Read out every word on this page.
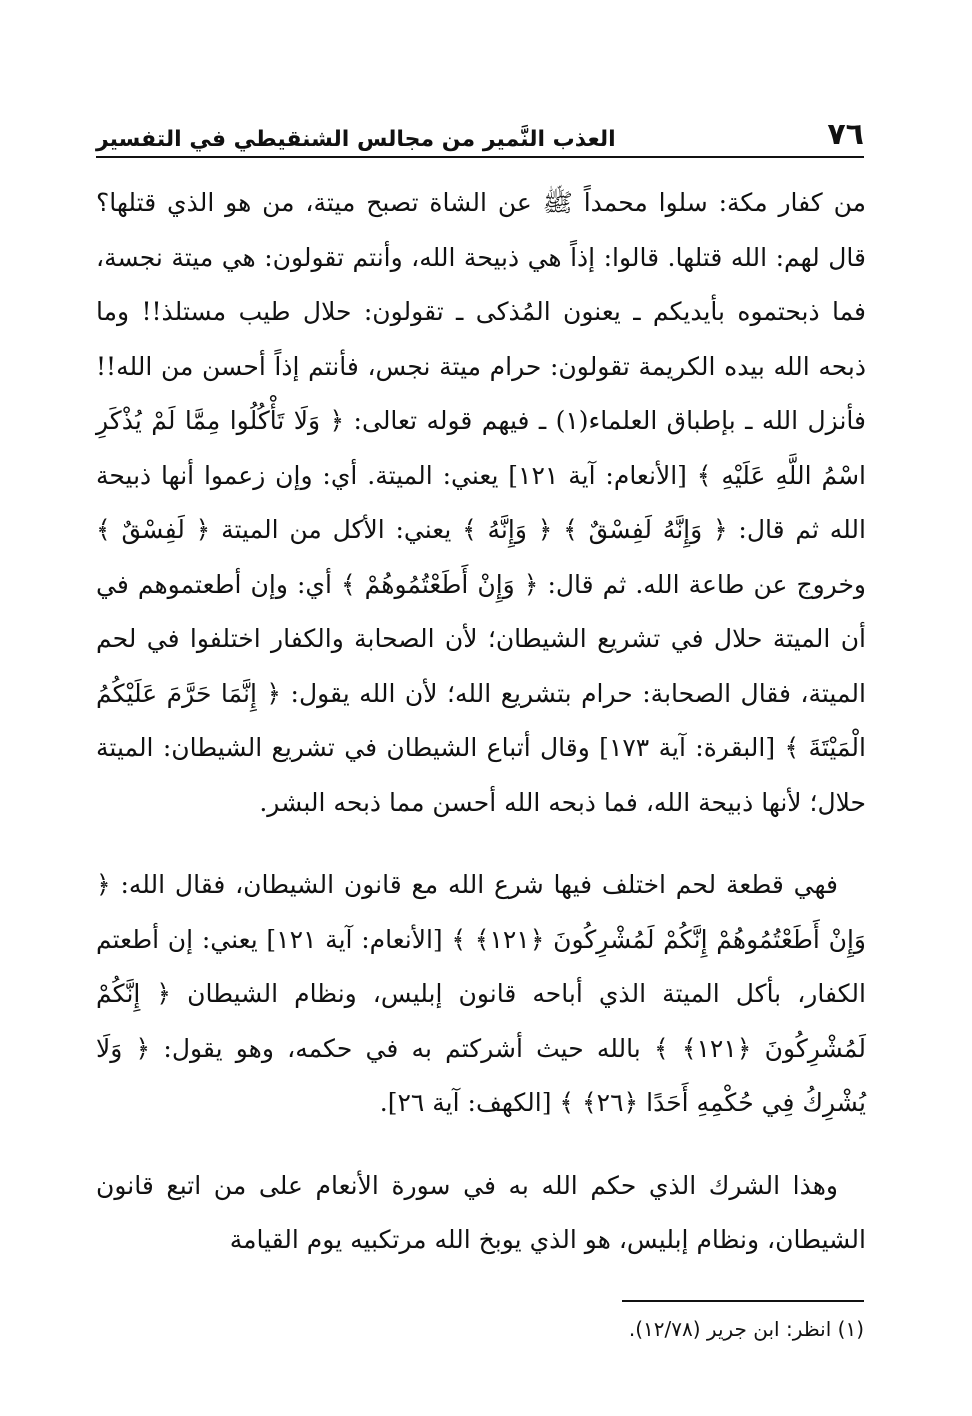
٧٦
العذب النَّمير من مجالس الشنقيطي في التفسير

من كفار مكة: سلوا محمداً ﷺ عن الشاة تصبح ميتة، من هو الذي قتلها؟ قال لهم: الله قتلها. قالوا: إذاً هي ذبيحة الله، وأنتم تقولون: هي ميتة نجسة، فما ذبحتموه بأيديكم ـ يعنون المُذكى ـ تقولون: حلال طيب مستلذ!! وما ذبحه الله بيده الكريمة تقولون: حرام ميتة نجس، فأنتم إذاً أحسن من الله!! فأنزل الله ـ بإطباق العلماء(١) ـ فيهم قوله تعالى: ﴿ وَلَا تَأْكُلُوا مِمَّا لَمْ يُذْكَرِ اسْمُ اللَّهِ عَلَيْهِ ﴾ [الأنعام: آية ١٢١] يعني: الميتة. أي: وإن زعموا أنها ذبيحة الله ثم قال: ﴿ وَإِنَّهُ لَفِسْقٌ ﴾ ﴿ وَإِنَّهُ ﴾ يعني: الأكل من الميتة ﴿ لَفِسْقٌ ﴾ وخروج عن طاعة الله. ثم قال: ﴿ وَإِنْ أَطَعْتُمُوهُمْ ﴾ أي: وإن أطعتموهم في أن الميتة حلال في تشريع الشيطان؛ لأن الصحابة والكفار اختلفوا في لحم الميتة، فقال الصحابة: حرام بتشريع الله؛ لأن الله يقول: ﴿ إِنَّمَا حَرَّمَ عَلَيْكُمُ الْمَيْتَةَ ﴾ [البقرة: آية ١٧٣] وقال أتباع الشيطان في تشريع الشيطان: الميتة حلال؛ لأنها ذبيحة الله، فما ذبحه الله أحسن مما ذبحه البشر.

فهي قطعة لحم اختلف فيها شرع الله مع قانون الشيطان، فقال الله: ﴿ وَإِنْ أَطَعْتُمُوهُمْ إِنَّكُمْ لَمُشْرِكُونَ ﴿١٢١﴾ ﴾ [الأنعام: آية ١٢١] يعني: إن أطعتم الكفار، بأكل الميتة الذي أباحه قانون إبليس، ونظام الشيطان ﴿ إِنَّكُمْ لَمُشْرِكُونَ ﴿١٢١﴾ ﴾ بالله حيث أشركتم به في حكمه، وهو يقول: ﴿ وَلَا يُشْرِكُ فِي حُكْمِهِ أَحَدًا ﴿٢٦﴾ ﴾ [الكهف: آية ٢٦].

وهذا الشرك الذي حكم الله به في سورة الأنعام على من اتبع قانون الشيطان، ونظام إبليس، هو الذي يوبخ الله مرتكبيه يوم القيامة

(١) انظر: ابن جرير (١٢/٧٨).
